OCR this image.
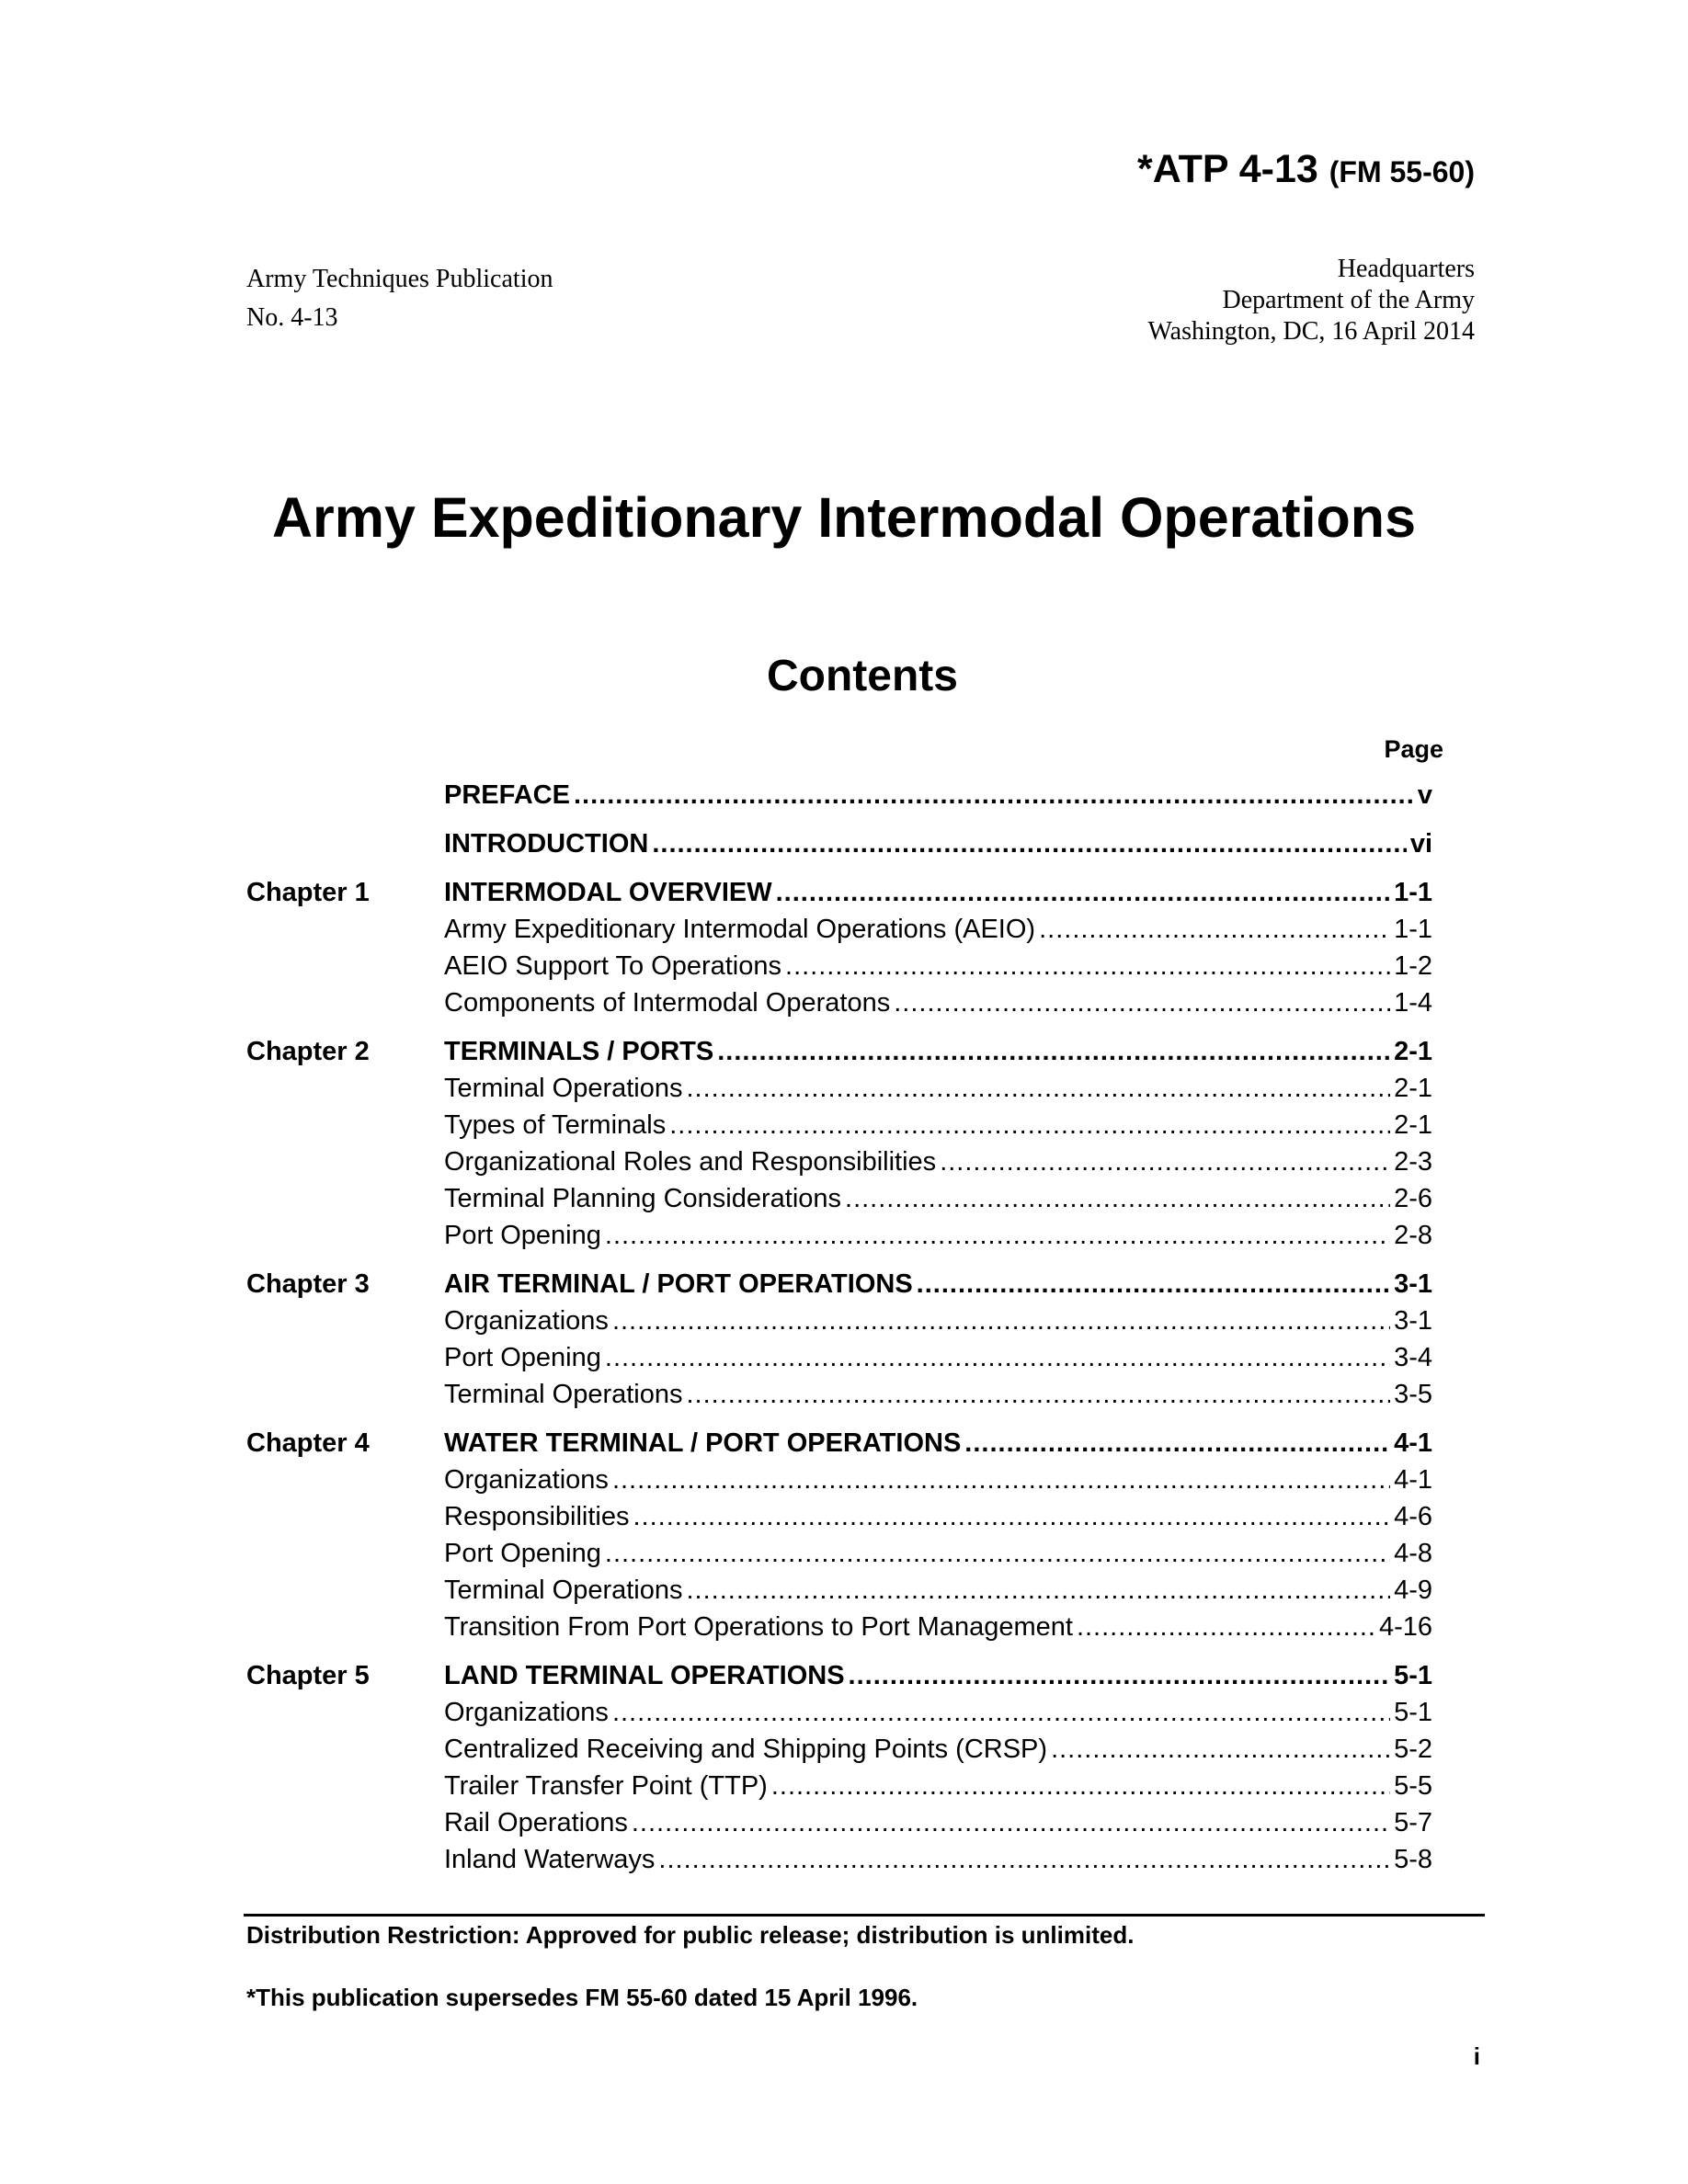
*ATP 4-13 (FM 55-60)
Army Techniques Publication
No. 4-13
Headquarters
Department of the Army
Washington, DC, 16 April 2014
Army Expeditionary Intermodal Operations
Contents
Page
PREFACE .....	v
INTRODUCTION .....	vi
Chapter 1	INTERMODAL OVERVIEW .....	1-1
Army Expeditionary Intermodal Operations (AEIO) .....	1-1
AEIO Support To Operations .....	1-2
Components of Intermodal Operatons .....	1-4
Chapter 2	TERMINALS / PORTS .....	2-1
Terminal Operations .....	2-1
Types of Terminals .....	2-1
Organizational Roles and Responsibilities .....	2-3
Terminal Planning Considerations .....	2-6
Port Opening .....	2-8
Chapter 3	AIR TERMINAL / PORT OPERATIONS .....	3-1
Organizations .....	3-1
Port Opening .....	3-4
Terminal Operations .....	3-5
Chapter 4	WATER TERMINAL / PORT OPERATIONS .....	4-1
Organizations .....	4-1
Responsibilities .....	4-6
Port Opening .....	4-8
Terminal Operations .....	4-9
Transition From Port Operations to Port Management .....	4-16
Chapter 5	LAND TERMINAL OPERATIONS .....	5-1
Organizations .....	5-1
Centralized Receiving and Shipping Points (CRSP) .....	5-2
Trailer Transfer Point (TTP) .....	5-5
Rail Operations .....	5-7
Inland Waterways .....	5-8
Distribution Restriction: Approved for public release; distribution is unlimited.
*This publication supersedes FM 55-60 dated 15 April 1996.
i
